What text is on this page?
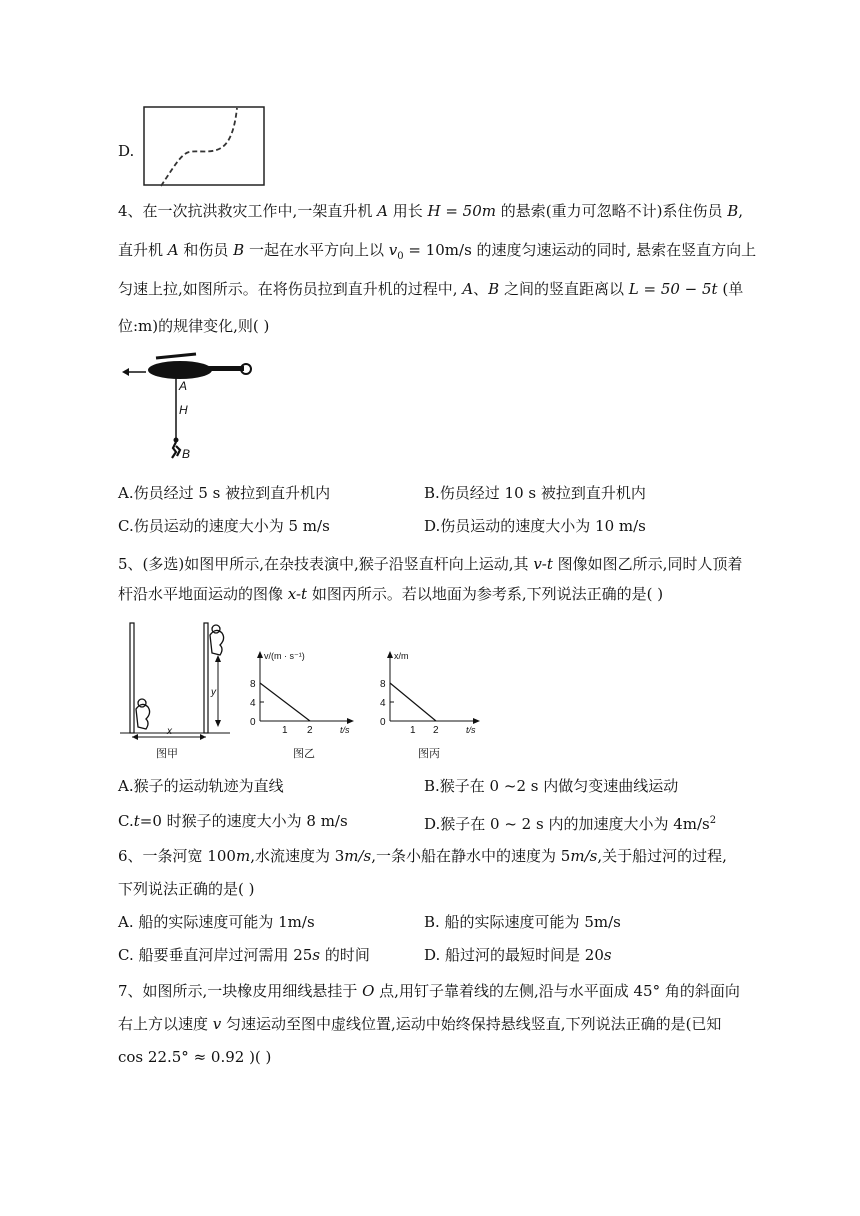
D.
4、在一次抗洪救灾工作中,一架直升机 A 用长 H = 50m 的悬索(重力可忽略不计)系住伤员 B,
直升机 A 和伤员 B 一起在水平方向上以 $v_0 = 10m/s$ 的速度匀速运动的同时, 悬索在竖直方向上
匀速上拉,如图所示。在将伤员拉到直升机的过程中, A、B 之间的竖直距离以 L = 50 − 5t (单
位:m)的规律变化,则( )
A
H
B
A.伤员经过 5 s 被拉到直升机内	B.伤员经过 10 s 被拉到直升机内
C.伤员运动的速度大小为 5 m/s	D.伤员运动的速度大小为 10 m/s
5、(多选)如图甲所示,在杂技表演中,猴子沿竖直杆向上运动,其 v-t 图像如图乙所示,同时人顶着
杆沿水平地面运动的图像 x-t 如图丙所示。若以地面为参考系,下列说法正确的是( )
y
x
图甲
v/(m · s⁻¹)
8
4
0
1 2	t/s
图乙
x/m
8
4
0
1 2	t/s
图丙
A.猴子的运动轨迹为直线	B.猴子在 0 ~2 s 内做匀变速曲线运动
C.t=0 时猴子的速度大小为 8 m/s	D.猴子在 0 ~ 2 s 内的加速度大小为 $4m/s^2$
6、一条河宽 100m,水流速度为 3m/s,一条小船在静水中的速度为 5m/s,关于船过河的过程,
下列说法正确的是( )
A. 船的实际速度可能为 1m/s	B. 船的实际速度可能为 5m/s
C. 船要垂直河岸过河需用 25s 的时间	D. 船过河的最短时间是 20s
7、如图所示,一块橡皮用细线悬挂于 O 点,用钉子靠着线的左侧,沿与水平面成 45° 角的斜面向
右上方以速度 v 匀速运动至图中虚线位置,运动中始终保持悬线竖直,下列说法正确的是(已知
cos 22.5° ≈ 0.92 )( )
